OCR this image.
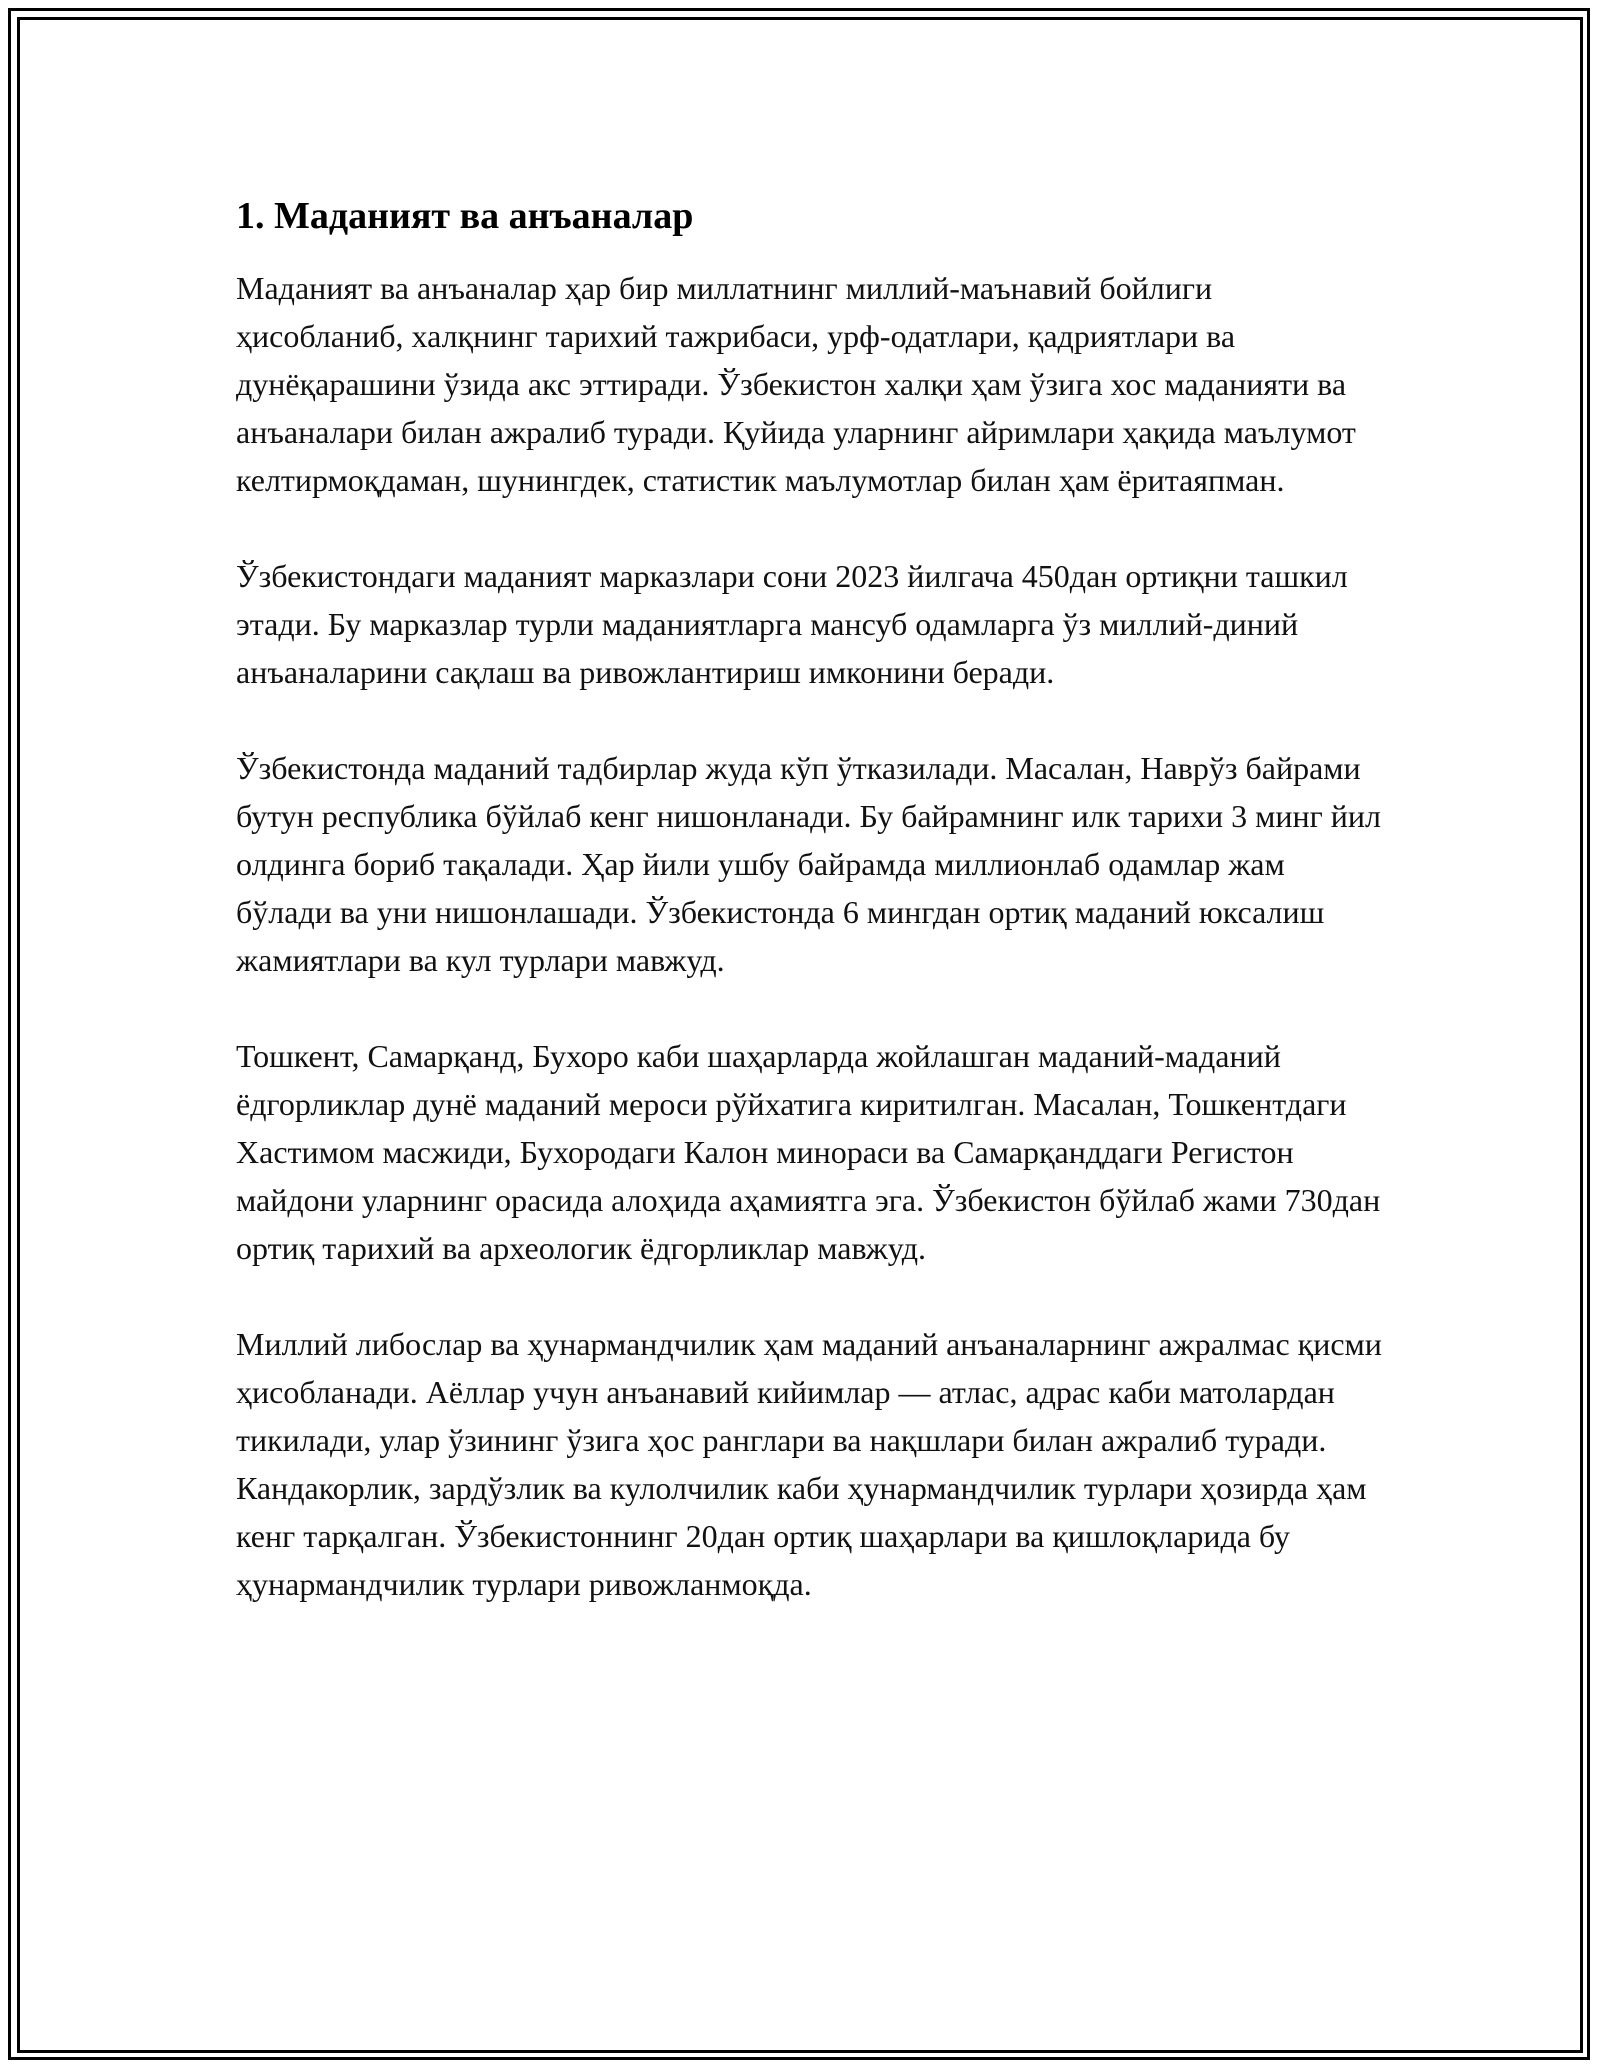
1. Маданият ва анъаналар

Маданият ва анъаналар ҳар бир миллатнинг миллий-маънавий бойлиги ҳисобланиб, халқнинг тарихий тажрибаси, урф-одатлари, қадриятлари ва дунёқарашини ўзида акс эттиради. Ўзбекистон халқи ҳам ўзига хос маданияти ва анъаналари билан ажралиб туради. Қуйида уларнинг айримлари ҳақида маълумот келтирмоқдаман, шунингдек, статистик маълумотлар билан ҳам ёритаяпман.

Ўзбекистондаги маданият марказлари сони 2023 йилгача 450дан ортиқни ташкил этади. Бу марказлар турли маданиятларга мансуб одамларга ўз миллий-диний анъаналарини сақлаш ва ривожлантириш имконини беради.

Ўзбекистонда маданий тадбирлар жуда кўп ўтказилади. Масалан, Наврўз байрами бутун республика бўйлаб кенг нишонланади. Бу байрамнинг илк тарихи 3 минг йил олдинга бориб тақалади. Ҳар йили ушбу байрамда миллионлаб одамлар жам бўлади ва уни нишонлашади. Ўзбекистонда 6 мингдан ортиқ маданий юксалиш жамиятлари ва кул турлари мавжуд.

Тошкент, Самарқанд, Бухоро каби шаҳарларда жойлашган маданий-маданий ёдгорликлар дунё маданий мероси рўйхатига киритилган. Масалан, Тошкентдаги Хастимом масжиди, Бухородаги Калон минораси ва Самарқанддаги Регистон майдони уларнинг орасида алоҳида аҳамиятга эга. Ўзбекистон бўйлаб жами 730дан ортиқ тарихий ва археологик ёдгорликлар мавжуд.

Миллий либослар ва ҳунармандчилик ҳам маданий анъаналарнинг ажралмас қисми ҳисобланади. Аёллар учун анъанавий кийимлар — атлас, адрас каби матолардан тикилади, улар ўзининг ўзига ҳос ранглари ва нақшлари билан ажралиб туради. Кандакорлик, зардўзлик ва кулолчилик каби ҳунармандчилик турлари ҳозирда ҳам кенг тарқалган. Ўзбекистоннинг 20дан ортиқ шаҳарлари ва қишлоқларида бу ҳунармандчилик турлари ривожланмоқда.
